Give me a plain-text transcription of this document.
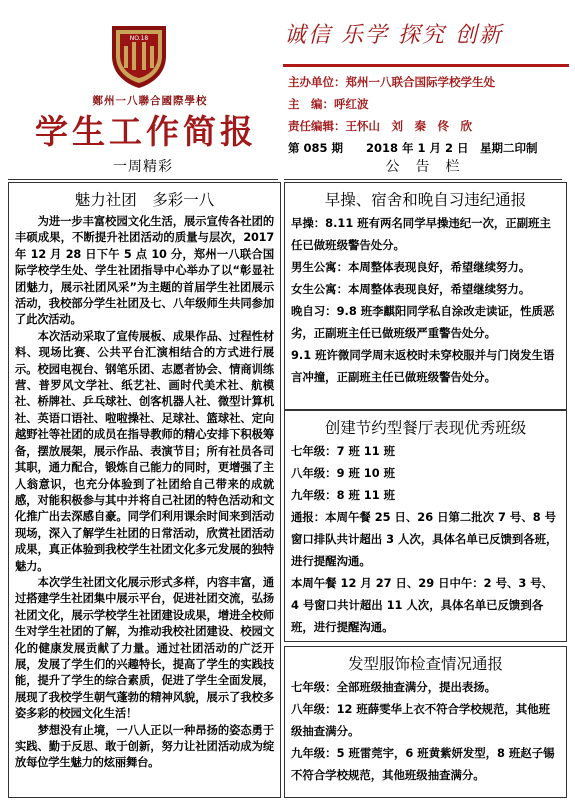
NO.18
鄭州一八聯合國際學校
学生工作简报
诚信 乐学 探究 创新
主办单位：郑州一八联合国际学校学生处
主　编：呼红波
责任编辑：王怀山　刘　秦　佟　欣
第 085 期　　2018 年 1 月 2 日　星期二印制
一周精彩	公　告　栏
魅力社团　多彩一八

为进一步丰富校园文化生活，展示宣传各社团的丰硕成果，不断提升社团活动的质量与层次，2017 年 12 月 28 日下午 5 点 10 分，郑州一八联合国际学校学生处、学生社团指导中心举办了以“彰显社团魅力，展示社团风采”为主题的首届学生社团展示活动，我校部分学生社团及七、八年级师生共同参加了此次活动。

本次活动采取了宣传展板、成果作品、过程性材料、现场比赛、公共平台汇演相结合的方式进行展示。校园电视台、钢笔乐团、志愿者协会、情商训练营、普罗风文学社、纸艺社、画时代美术社、航模社、桥牌社、乒乓球社、创客机器人社、微型计算机社、英语口语社、啦啦操社、足球社、篮球社、定向越野社等社团的成员在指导教师的精心安排下积极筹备，摆放展架，展示作品、表演节目；所有社员各司其职，通力配合，锻炼自己能力的同时，更增强了主人翁意识，也充分体验到了社团给自己带来的成就感，对能积极参与其中并将自己社团的特色活动和文化推广出去深感自豪。同学们利用课余时间来到活动现场，深入了解学生社团的日常活动，欣赏社团活动成果，真正体验到我校学生社团文化多元发展的独特魅力。

本次学生社团文化展示形式多样，内容丰富，通过搭建学生社团集中展示平台，促进社团交流，弘扬社团文化，展示学校学生社团建设成果，增进全校师生对学生社团的了解，为推动我校社团建设、校园文化的健康发展贡献了力量。通过社团活动的广泛开展，发展了学生们的兴趣特长，提高了学生的实践技能，提升了学生的综合素质，促进了学生全面发展，展现了我校学生朝气蓬勃的精神风貌，展示了我校多姿多彩的校园文化生活！

梦想没有止境，一八人正以一种昂扬的姿态勇于实践、勤于反思、敢于创新，努力让社团活动成为绽放每位学生魅力的炫丽舞台。

早操、宿舍和晚自习违纪通报

早操：8.11 班有两名同学早操违纪一次，正副班主任已做班级警告处分。

男生公寓：本周整体表现良好，希望继续努力。

女生公寓：本周整体表现良好，希望继续努力。

晚自习：9.8 班李麒阳同学私自涂改走读证，性质恶劣，正副班主任已做班级严重警告处分。

9.1 班许微同学周末返校时未穿校服并与门岗发生语言冲撞，正副班主任已做班级警告处分。

创建节约型餐厅表现优秀班级

七年级：7 班 11 班

八年级：9 班 10 班

九年级：8 班 11 班

通报：本周午餐 25 日、26 日第二批次 7 号、8 号窗口排队共计超出 3 人次，具体名单已反馈到各班，进行提醒沟通。

本周午餐 12 月 27 日、29 日中午：2 号、3 号、4 号窗口共计超出 11 人次，具体名单已反馈到各班，进行提醒沟通。

发型服饰检查情况通报

七年级：全部班级抽查满分，提出表扬。

八年级：12 班薛雯华上衣不符合学校规范，其他班级抽查满分。

九年级：5 班雷莞宇，6 班黄紫妍发型，8 班赵子锡不符合学校规范，其他班级抽查满分。
